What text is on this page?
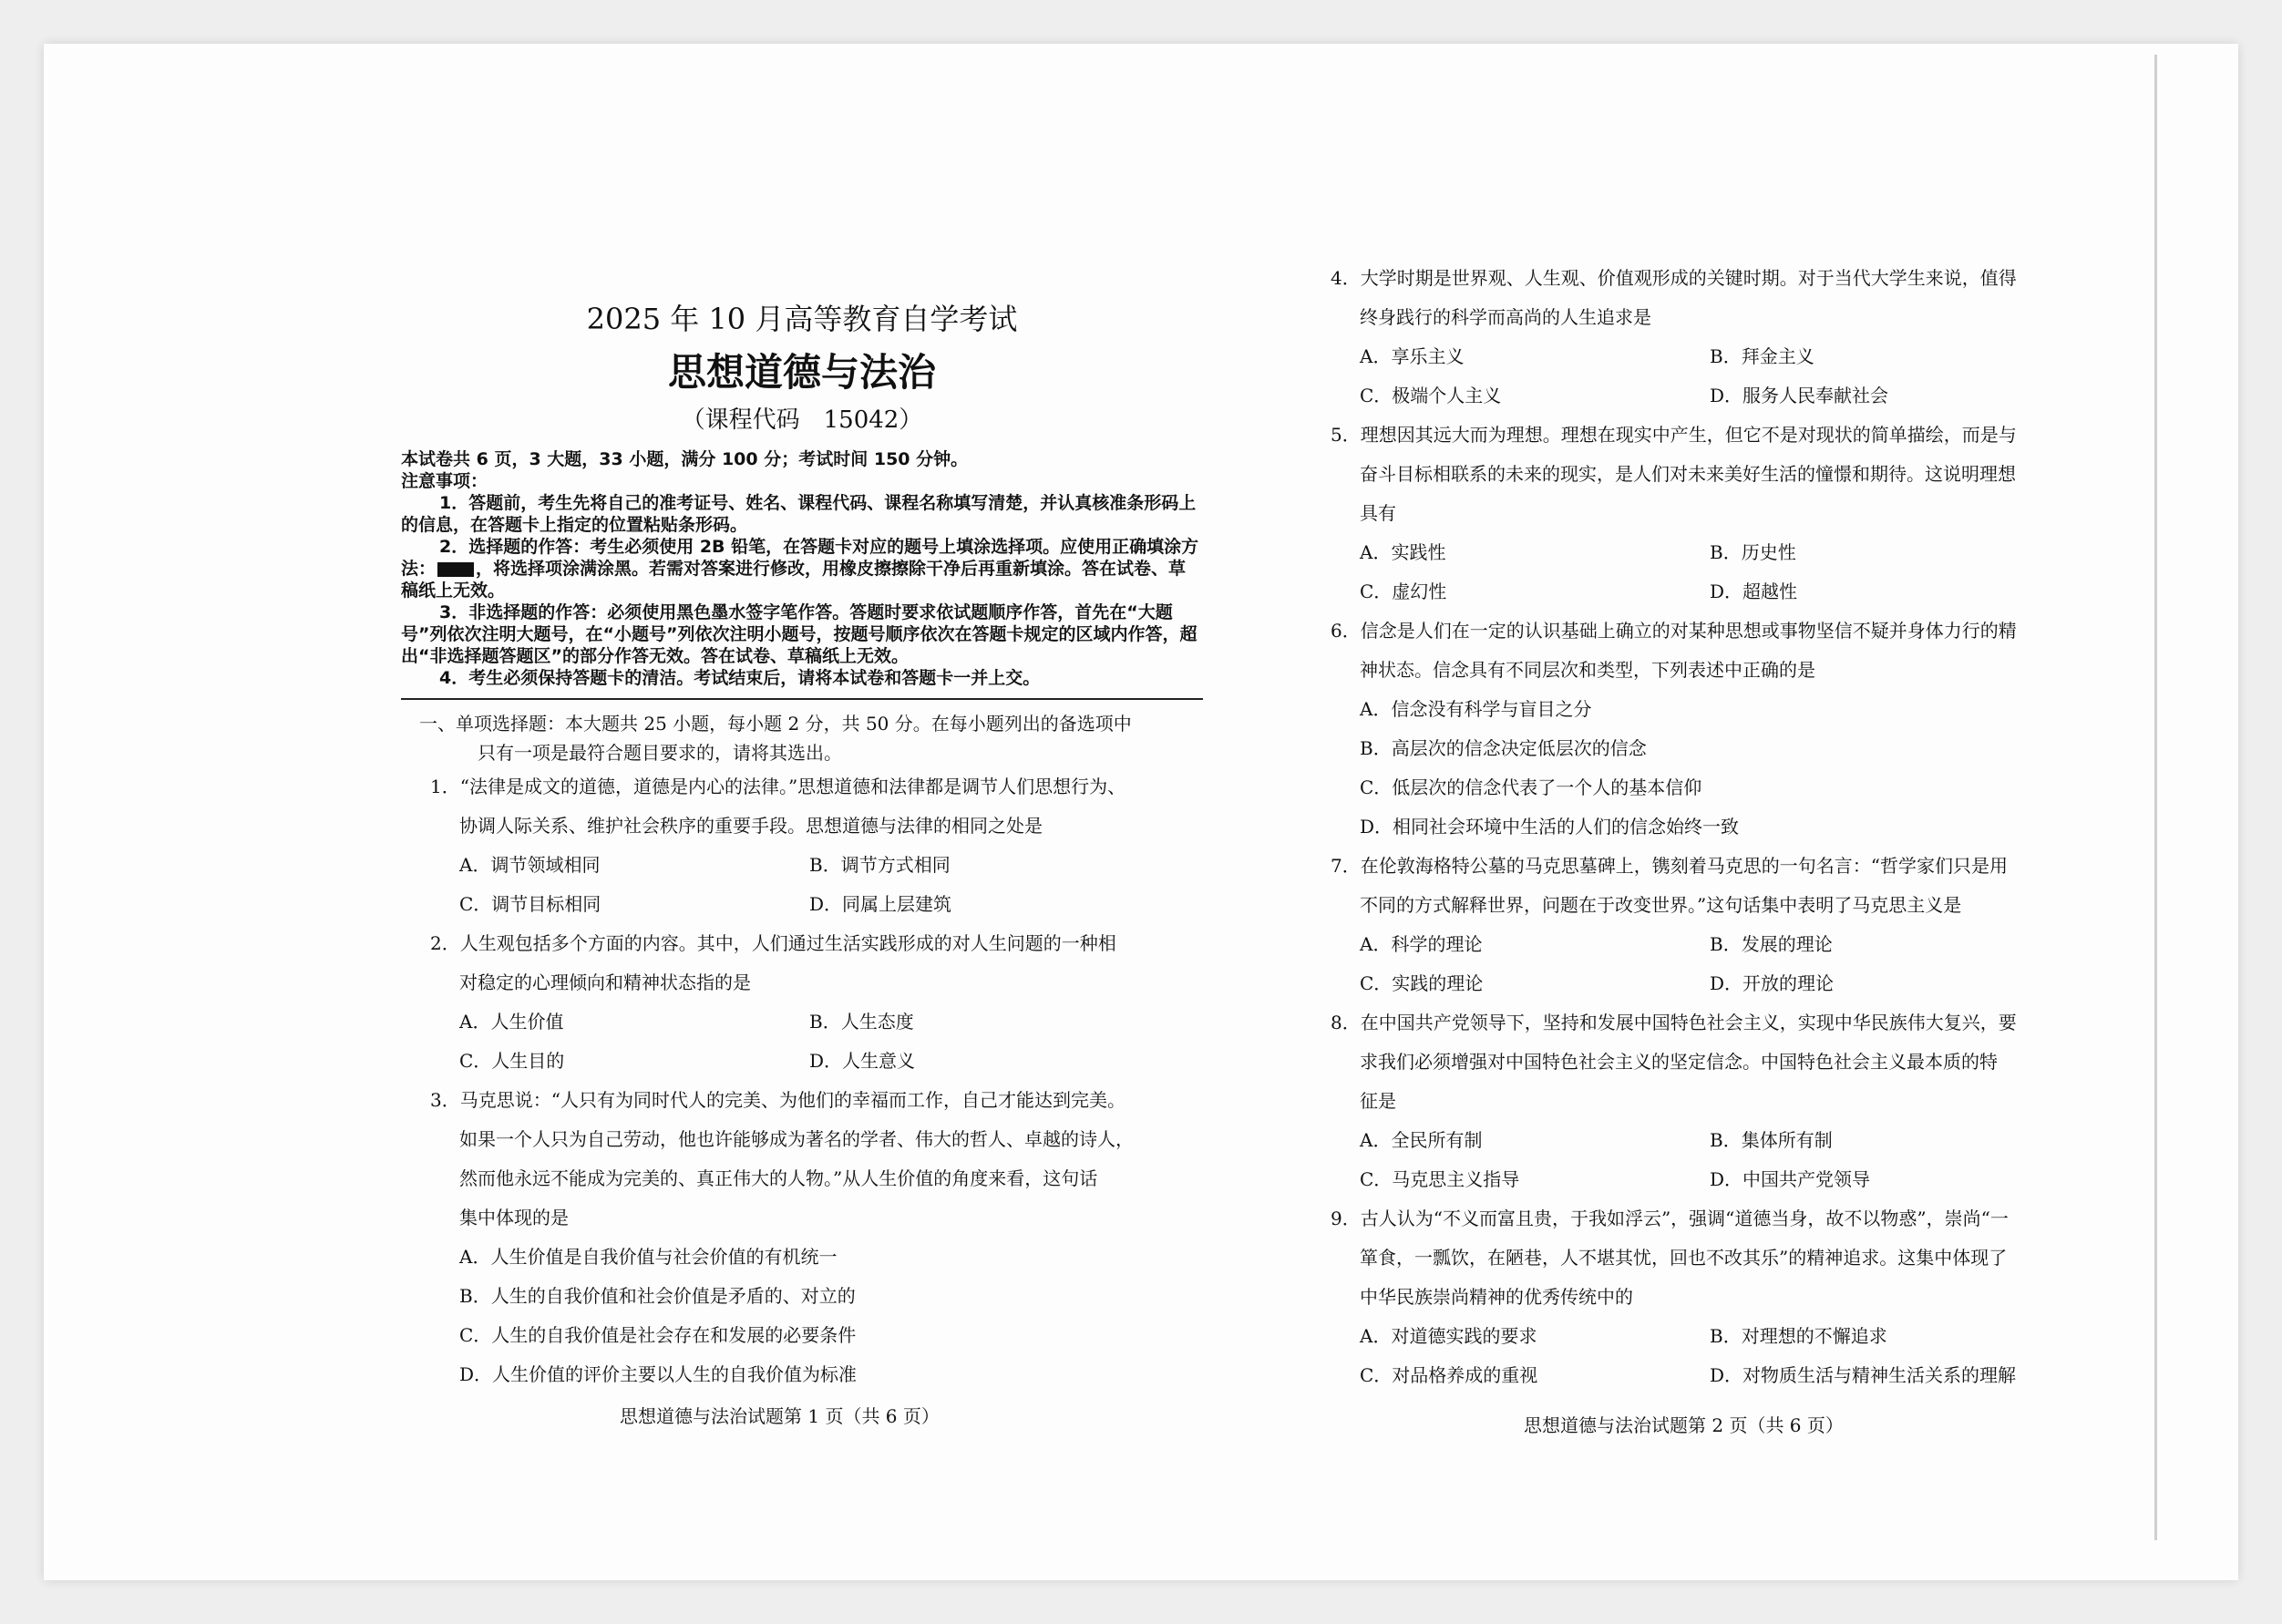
2025 年 10 月高等教育自学考试
思想道德与法治
（课程代码　15042）

本试卷共 6 页，3 大题，33 小题，满分 100 分；考试时间 150 分钟。

注意事项：

1．答题前，考生先将自己的准考证号、姓名、课程代码、课程名称填写清楚，并认真核准条形码上的信息，在答题卡上指定的位置粘贴条形码。

2．选择题的作答：考生必须使用 2B 铅笔，在答题卡对应的题号上填涂选择项。应使用正确填涂方法： ，将选择项涂满涂黑。若需对答案进行修改，用橡皮擦擦除干净后再重新填涂。答在试卷、草稿纸上无效。

3．非选择题的作答：必须使用黑色墨水签字笔作答。答题时要求依试题顺序作答，首先在“大题号”列依次注明大题号，在“小题号”列依次注明小题号，按题号顺序依次在答题卡规定的区域内作答，超出“非选择题答题区”的部分作答无效。答在试卷、草稿纸上无效。

4．考生必须保持答题卡的清洁。考试结束后，请将本试卷和答题卡一并上交。

一、单项选择题：本大题共 25 小题，每小题 2 分，共 50 分。在每小题列出的备选项中
只有一项是最符合题目要求的，请将其选出。
1．“法律是成文的道德，道德是内心的法律。”思想道德和法律都是调节人们思想行为、
协调人际关系、维护社会秩序的重要手段。思想道德与法律的相同之处是
A．调节领域相同	B．调节方式相同
C．调节目标相同	D．同属上层建筑
2．人生观包括多个方面的内容。其中，人们通过生活实践形成的对人生问题的一种相
对稳定的心理倾向和精神状态指的是
A．人生价值	B．人生态度
C．人生目的	D．人生意义
3．马克思说：“人只有为同时代人的完美、为他们的幸福而工作，自己才能达到完美。
如果一个人只为自己劳动，他也许能够成为著名的学者、伟大的哲人、卓越的诗人，
然而他永远不能成为完美的、真正伟大的人物。”从人生价值的角度来看，这句话
集中体现的是
A．人生价值是自我价值与社会价值的有机统一
B．人生的自我价值和社会价值是矛盾的、对立的
C．人生的自我价值是社会存在和发展的必要条件
D．人生价值的评价主要以人生的自我价值为标准
思想道德与法治试题第 1 页（共 6 页）
4．大学时期是世界观、人生观、价值观形成的关键时期。对于当代大学生来说，值得
终身践行的科学而高尚的人生追求是
A．享乐主义	B．拜金主义
C．极端个人主义	D．服务人民奉献社会
5．理想因其远大而为理想。理想在现实中产生，但它不是对现状的简单描绘，而是与
奋斗目标相联系的未来的现实，是人们对未来美好生活的憧憬和期待。这说明理想
具有
A．实践性	B．历史性
C．虚幻性	D．超越性
6．信念是人们在一定的认识基础上确立的对某种思想或事物坚信不疑并身体力行的精
神状态。信念具有不同层次和类型，下列表述中正确的是
A．信念没有科学与盲目之分
B．高层次的信念决定低层次的信念
C．低层次的信念代表了一个人的基本信仰
D．相同社会环境中生活的人们的信念始终一致
7．在伦敦海格特公墓的马克思墓碑上，镌刻着马克思的一句名言：“哲学家们只是用
不同的方式解释世界，问题在于改变世界。”这句话集中表明了马克思主义是
A．科学的理论	B．发展的理论
C．实践的理论	D．开放的理论
8．在中国共产党领导下，坚持和发展中国特色社会主义，实现中华民族伟大复兴，要
求我们必须增强对中国特色社会主义的坚定信念。中国特色社会主义最本质的特
征是
A．全民所有制	B．集体所有制
C．马克思主义指导	D．中国共产党领导
9．古人认为“不义而富且贵，于我如浮云”，强调“道德当身，故不以物惑”，崇尚“一
箪食，一瓢饮，在陋巷，人不堪其忧，回也不改其乐”的精神追求。这集中体现了
中华民族崇尚精神的优秀传统中的
A．对道德实践的要求	B．对理想的不懈追求
C．对品格养成的重视	D．对物质生活与精神生活关系的理解
思想道德与法治试题第 2 页（共 6 页）
